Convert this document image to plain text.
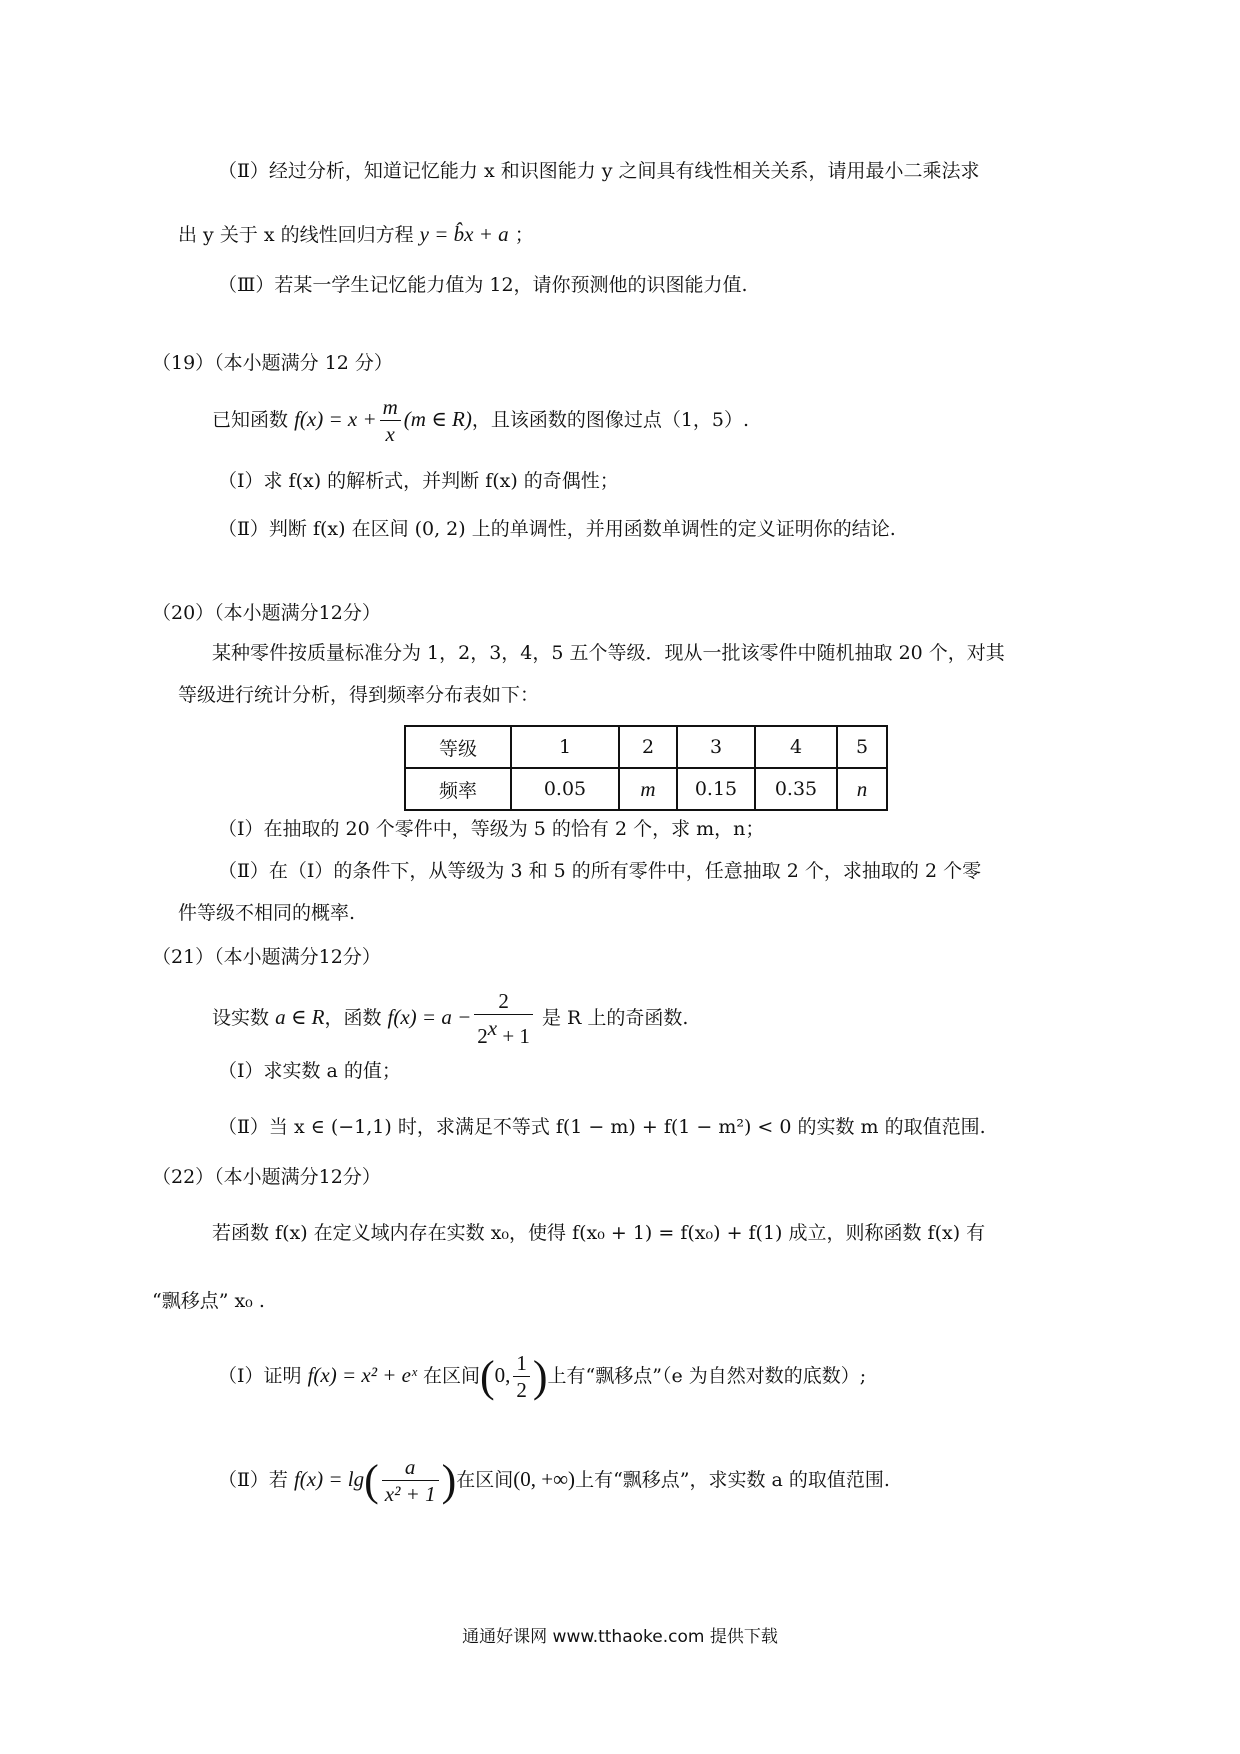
（Ⅱ）经过分析，知道记忆能力 x 和识图能力 y 之间具有线性相关关系，请用最小二乘法求
出 y 关于 x 的线性回归方程 y = b̂x + a ；
（Ⅲ）若某一学生记忆能力值为 12，请你预测他的识图能力值.
（19）（本小题满分 12 分）
已知函数 $f(x) = x + \frac{m}{x} (m$ ∈ R)，且该函数的图像过点（1，5）.
（Ⅰ）求 f(x) 的解析式，并判断 f(x) 的奇偶性；
（Ⅱ）判断 f(x) 在区间 (0, 2) 上的单调性，并用函数单调性的定义证明你的结论.
（20）（本小题满分12分）
某种零件按质量标准分为 1，2，3，4，5 五个等级．现从一批该零件中随机抽取 20 个，对其
等级进行统计分析，得到频率分布表如下：
等级	1	2	3	4	5
频率	0.05	m	0.15	0.35	n
（Ⅰ）在抽取的 20 个零件中，等级为 5 的恰有 2 个，求 m，n；
（Ⅱ）在（Ⅰ）的条件下，从等级为 3 和 5 的所有零件中，任意抽取 2 个，求抽取的 2 个零
件等级不相同的概率.
（21）（本小题满分12分）
设实数 a ∈ R，函数 $f(x) = a - \frac{2}{2^x + 1}$ 是 R 上的奇函数.
（Ⅰ）求实数 a 的值；
（Ⅱ）当 x ∈ (−1,1) 时，求满足不等式 f(1 − m) + f(1 − m²) < 0 的实数 m 的取值范围.
（22）（本小题满分12分）
若函数 f(x) 在定义域内存在实数 x₀，使得 f(x₀ + 1) = f(x₀) + f(1) 成立，则称函数 f(x) 有
“飘移点” x₀ .
（Ⅰ）证明 f(x) = x² + eˣ 在区间(0, $\frac{1}{2}$ )上有“飘移点”（e 为自然对数的底数）;
（Ⅱ）若 $f(x) = \lg( \frac{a}{\text{x² + 1}}$ )在区间(0, +∞)上有“飘移点”，求实数 a 的取值范围.
通通好课网 www.tthaoke.com 提供下载
